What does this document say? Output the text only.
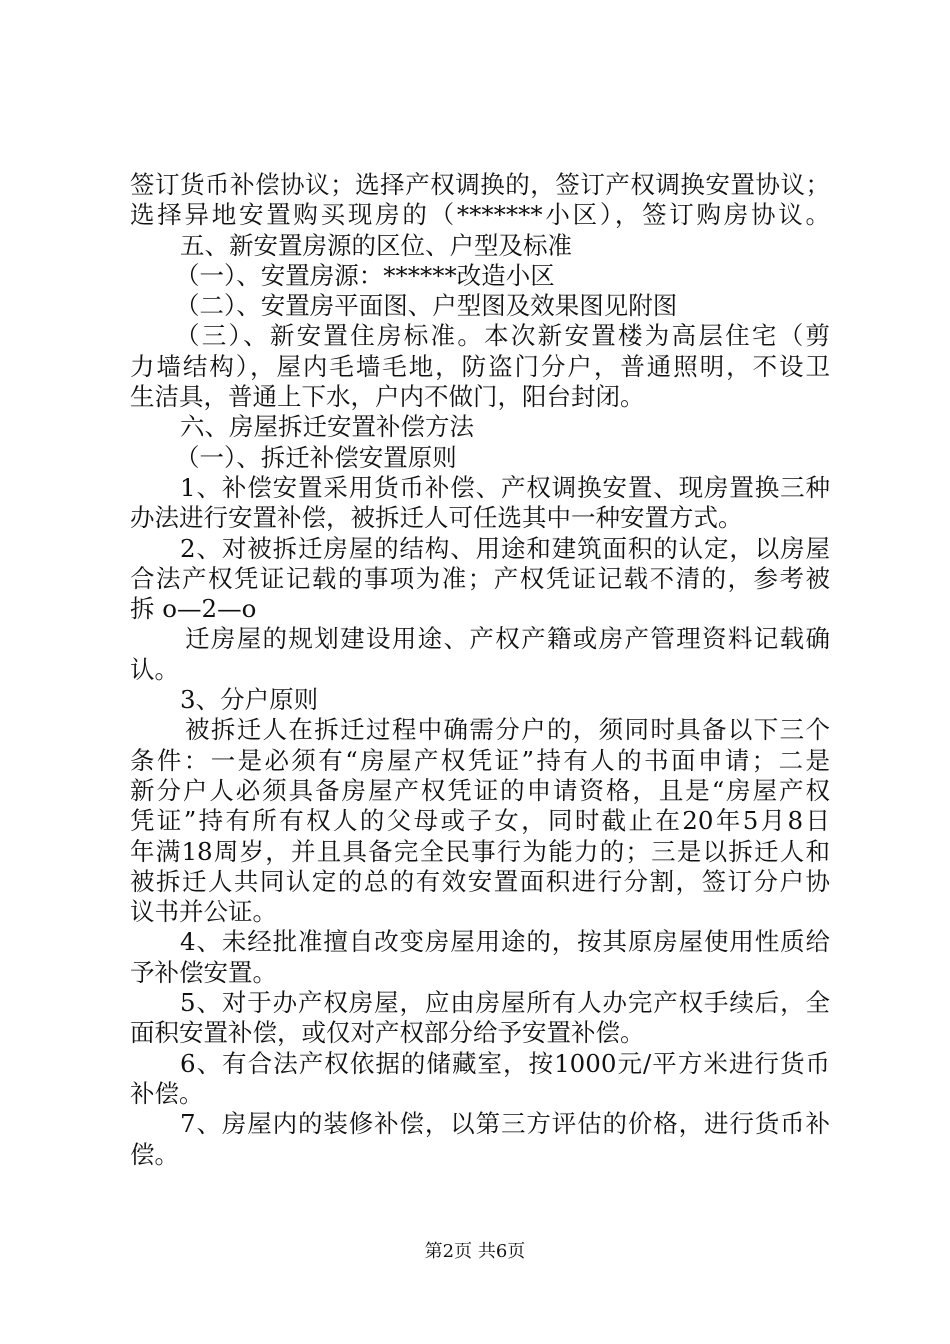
签订货币补偿协议；选择产权调换的，签订产权调换安置协议；
选择异地安置购买现房的（*******小区），签订购房协议。
五、新安置房源的区位、户型及标准
（一）、安置房源：******改造小区
（二）、安置房平面图、户型图及效果图见附图
（三）、新安置住房标准。本次新安置楼为高层住宅（剪
力墙结构），屋内毛墙毛地，防盗门分户，普通照明，不设卫
生洁具，普通上下水，户内不做门，阳台封闭。
六、房屋拆迁安置补偿方法
（一）、拆迁补偿安置原则
1、补偿安置采用货币补偿、产权调换安置、现房置换三种
办法进行安置补偿，被拆迁人可任选其中一种安置方式。
2、对被拆迁房屋的结构、用途和建筑面积的认定，以房屋
合法产权凭证记载的事项为准；产权凭证记载不清的，参考被
拆 o—2—o
迁房屋的规划建设用途、产权产籍或房产管理资料记载确
认。
3、分户原则
被拆迁人在拆迁过程中确需分户的，须同时具备以下三个
条件：一是必须有“房屋产权凭证”持有人的书面申请；二是
新分户人必须具备房屋产权凭证的申请资格，且是“房屋产权
凭证”持有所有权人的父母或子女，同时截止在20年5月8日
年满18周岁，并且具备完全民事行为能力的；三是以拆迁人和
被拆迁人共同认定的总的有效安置面积进行分割，签订分户协
议书并公证。
4、未经批准擅自改变房屋用途的，按其原房屋使用性质给
予补偿安置。
5、对于办产权房屋，应由房屋所有人办完产权手续后，全
面积安置补偿，或仅对产权部分给予安置补偿。
6、有合法产权依据的储藏室，按1000元/平方米进行货币
补偿。
7、房屋内的装修补偿，以第三方评估的价格，进行货币补
偿。
第2页 共6页
